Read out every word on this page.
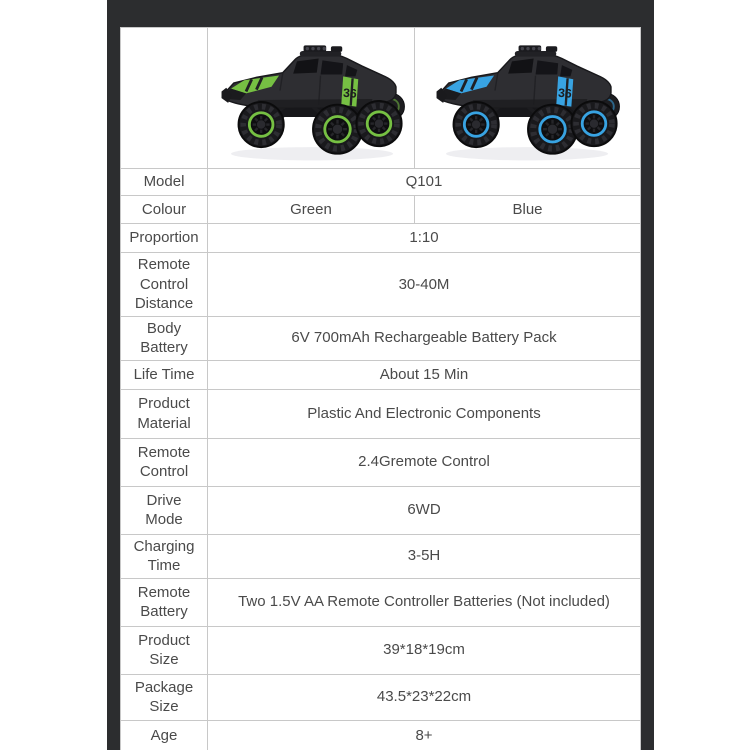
36	36

Model	Q101	
Colour	Green	Blue
Proportion	1:10	
Remote Control Distance	30-40M	
Body Battery	6V 700mAh Rechargeable Battery Pack	
Life Time	About 15 Min	
Product Material	Plastic And Electronic Components	
Remote Control	2.4Gremote Control	
Drive Mode	6WD	
Charging Time	3-5H	
Remote Battery	Two 1.5V AA Remote Controller Batteries (Not included)	
Product Size	39*18*19cm	
Package Size	43.5*23*22cm	
Age	8+	
